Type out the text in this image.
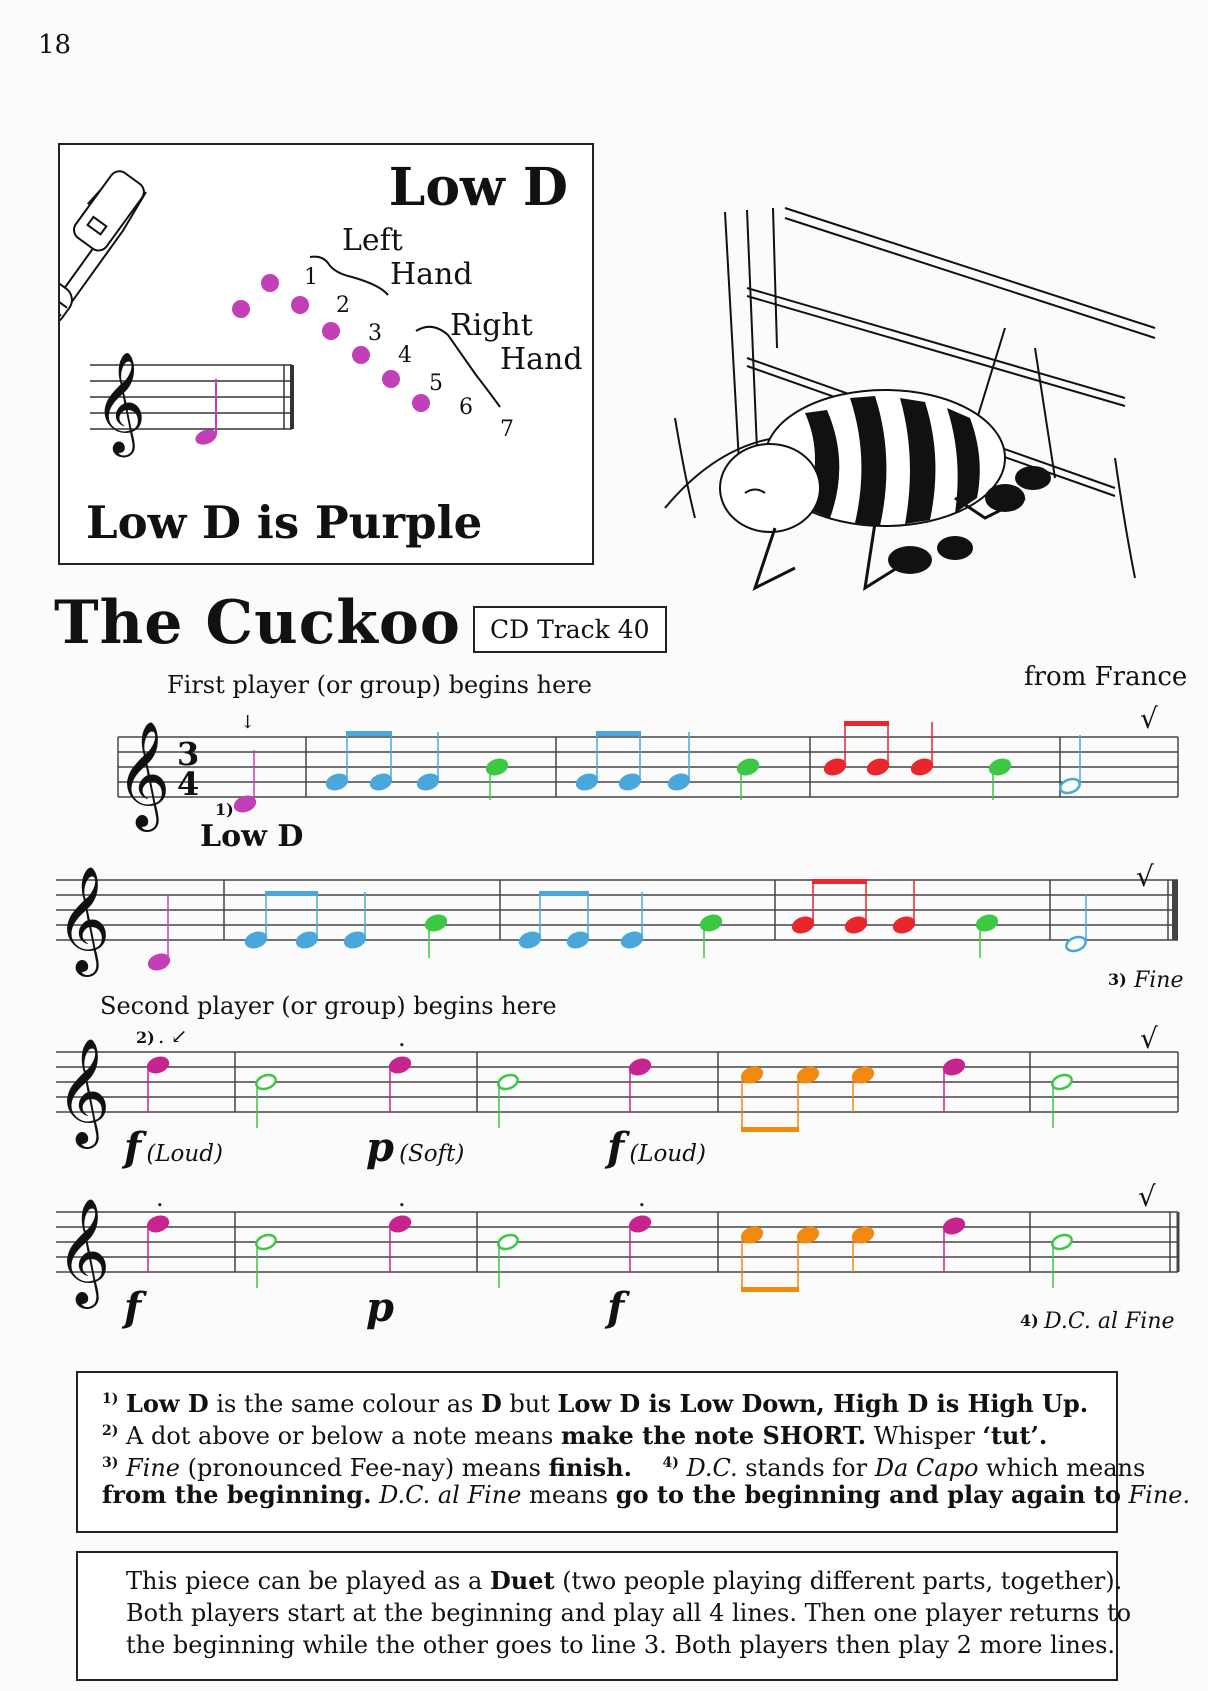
18
Low D
Left
Hand
Right
Hand
1
2
3
4
5
6
7
𝄞
Low D is Purple
The Cuckoo	CD Track 40
from France
First player (or group) begins here
Second player (or group) begins here
𝄞 3
4
↓
1)
√
Low D
𝄞	√
3) Fine
𝄞 2) . ↙	.	√
𝄞 .	.	.	√
4) D.C. al Fine
f (Loud)	p (Soft)	f (Loud)
f	p	f

$^{1)}$ Low D is the same colour as D but Low D is Low Down, High D is High Up.

$^{2)}$ A dot above or below a note means make the note SHORT. Whisper ‘tut’.

$^{3)}$ Fine (pronounced Fee-nay) means finish. $^{4)}$ D.C. stands for Da Capo which means

from the beginning. D.C. al Fine means go to the beginning and play again to Fine.

This piece can be played as a Duet (two people playing different parts, together).

Both players start at the beginning and play all 4 lines. Then one player returns to

the beginning while the other goes to line 3. Both players then play 2 more lines.
